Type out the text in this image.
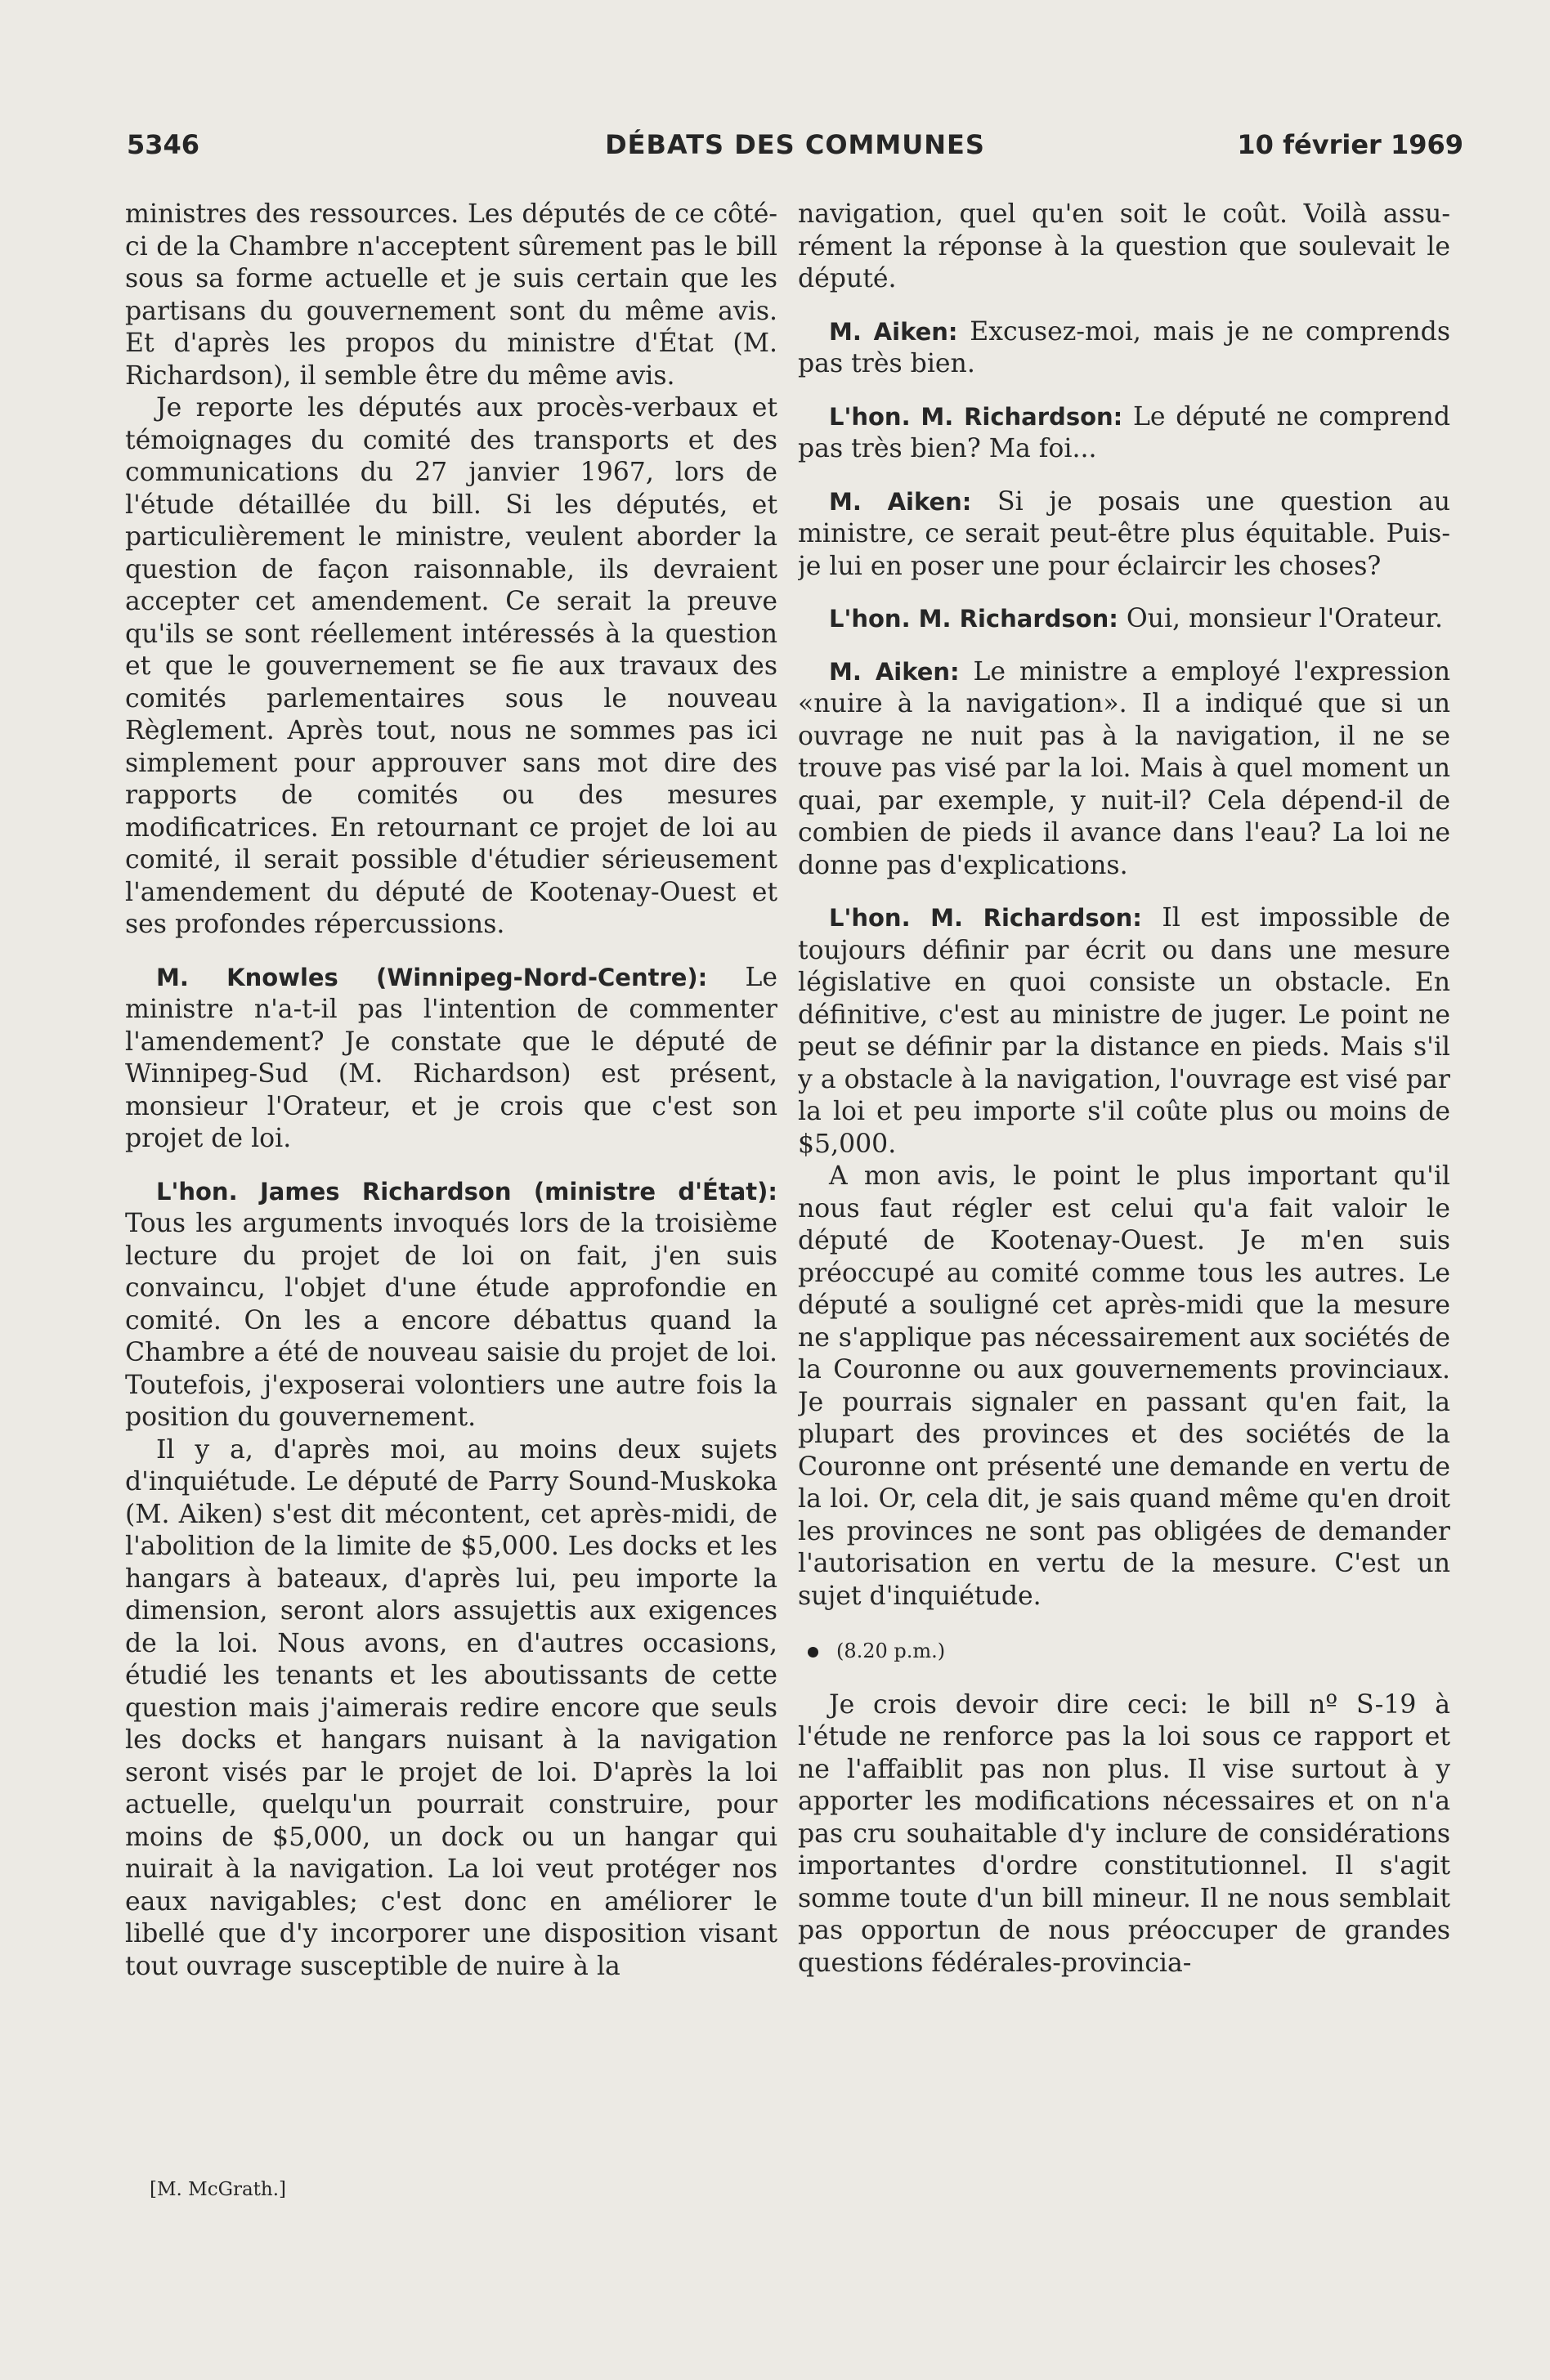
DÉBATS DES COMMUNES
5346	10 février 1969

ministres des ressources. Les députés de ce côté-ci de la Chambre n'acceptent sûrement pas le bill sous sa forme actuelle et je suis certain que les partisans du gouvernement sont du même avis. Et d'après les propos du ministre d'État (M. Richardson), il semble être du même avis.

Je reporte les députés aux procès-verbaux et témoignages du comité des transports et des communications du 27 janvier 1967, lors de l'étude détaillée du bill. Si les députés, et particulièrement le ministre, veulent aborder la question de façon raisonnable, ils devraient accepter cet amendement. Ce serait la preuve qu'ils se sont réellement intéressés à la question et que le gouvernement se fie aux travaux des comités parlementaires sous le nouveau Règlement. Après tout, nous ne sommes pas ici simplement pour approuver sans mot dire des rapports de comités ou des mesures modificatrices. En retournant ce projet de loi au comité, il serait possible d'étudier sérieusement l'amendement du député de Kootenay-Ouest et ses profondes répercussions.

M. Knowles (Winnipeg-Nord-Centre): Le ministre n'a-t-il pas l'intention de commenter l'amendement? Je constate que le député de Winnipeg-Sud (M. Richardson) est présent, monsieur l'Orateur, et je crois que c'est son projet de loi.

L'hon. James Richardson (ministre d'État): Tous les arguments invoqués lors de la troisième lecture du projet de loi on fait, j'en suis convaincu, l'objet d'une étude approfondie en comité. On les a encore débattus quand la Chambre a été de nouveau saisie du projet de loi. Toutefois, j'exposerai volontiers une autre fois la position du gouvernement.

Il y a, d'après moi, au moins deux sujets d'inquiétude. Le député de Parry Sound-Muskoka (M. Aiken) s'est dit mécontent, cet après-midi, de l'abolition de la limite de $5,000. Les docks et les hangars à bateaux, d'après lui, peu importe la dimension, seront alors assujettis aux exigences de la loi. Nous avons, en d'autres occasions, étudié les tenants et les aboutissants de cette question mais j'aimerais redire encore que seuls les docks et hangars nuisant à la navigation seront visés par le projet de loi. D'après la loi actuelle, quelqu'un pourrait construire, pour moins de $5,000, un dock ou un hangar qui nuirait à la navigation. La loi veut protéger nos eaux navigables; c'est donc en améliorer le libellé que d'y incorporer une disposition visant tout ouvrage susceptible de nuire à la

[M. McGrath.]

navigation, quel qu'en soit le coût. Voilà assurément la réponse à la question que soulevait le député.

M. Aiken: Excusez-moi, mais je ne comprends pas très bien.

L'hon. M. Richardson: Le député ne comprend pas très bien? Ma foi...

M. Aiken: Si je posais une question au ministre, ce serait peut-être plus équitable. Puis-je lui en poser une pour éclaircir les choses?

L'hon. M. Richardson: Oui, monsieur l'Orateur.

M. Aiken: Le ministre a employé l'expression «nuire à la navigation». Il a indiqué que si un ouvrage ne nuit pas à la navigation, il ne se trouve pas visé par la loi. Mais à quel moment un quai, par exemple, y nuit-il? Cela dépend-il de combien de pieds il avance dans l'eau? La loi ne donne pas d'explications.

L'hon. M. Richardson: Il est impossible de toujours définir par écrit ou dans une mesure législative en quoi consiste un obstacle. En définitive, c'est au ministre de juger. Le point ne peut se définir par la distance en pieds. Mais s'il y a obstacle à la navigation, l'ouvrage est visé par la loi et peu importe s'il coûte plus ou moins de $5,000.

A mon avis, le point le plus important qu'il nous faut régler est celui qu'a fait valoir le député de Kootenay-Ouest. Je m'en suis préoccupé au comité comme tous les autres. Le député a souligné cet après-midi que la mesure ne s'applique pas nécessairement aux sociétés de la Couronne ou aux gouvernements provinciaux. Je pourrais signaler en passant qu'en fait, la plupart des provinces et des sociétés de la Couronne ont présenté une demande en vertu de la loi. Or, cela dit, je sais quand même qu'en droit les provinces ne sont pas obligées de demander l'autorisation en vertu de la mesure. C'est un sujet d'inquiétude.

(8.20 p.m.)

Je crois devoir dire ceci: le bill nº S-19 à l'étude ne renforce pas la loi sous ce rapport et ne l'affaiblit pas non plus. Il vise surtout à y apporter les modifications nécessaires et on n'a pas cru souhaitable d'y inclure de considérations importantes d'ordre constitutionnel. Il s'agit somme toute d'un bill mineur. Il ne nous semblait pas opportun de nous préoccuper de grandes questions fédérales-provincia-
